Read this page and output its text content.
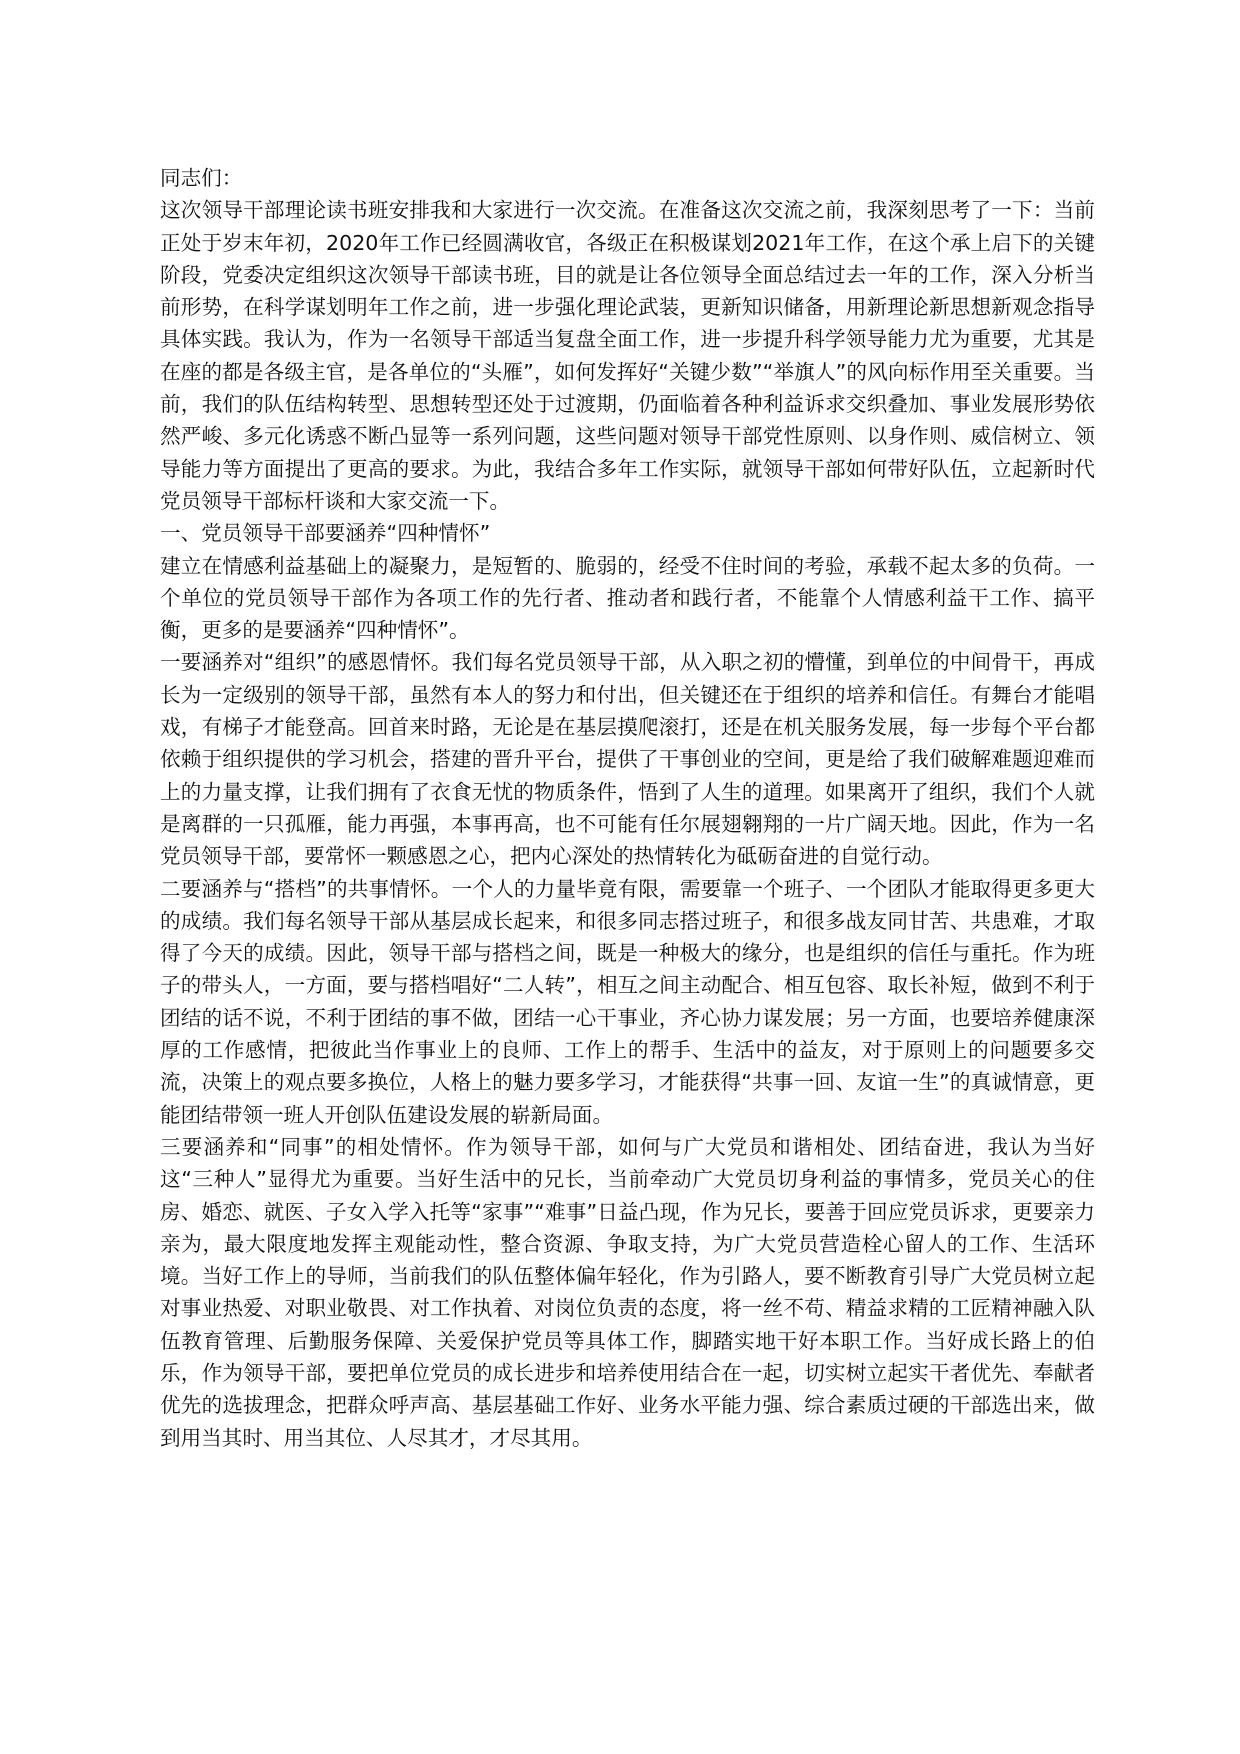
同志们：

这次领导干部理论读书班安排我和大家进行一次交流。在准备这次交流之前，我深刻思考了一下：当前正处于岁末年初，2020年工作已经圆满收官，各级正在积极谋划2021年工作，在这个承上启下的关键阶段，党委决定组织这次领导干部读书班，目的就是让各位领导全面总结过去一年的工作，深入分析当前形势，在科学谋划明年工作之前，进一步强化理论武装，更新知识储备，用新理论新思想新观念指导具体实践。我认为，作为一名领导干部适当复盘全面工作，进一步提升科学领导能力尤为重要，尤其是在座的都是各级主官，是各单位的“头雁”，如何发挥好“关键少数”“举旗人”的风向标作用至关重要。当前，我们的队伍结构转型、思想转型还处于过渡期，仍面临着各种利益诉求交织叠加、事业发展形势依然严峻、多元化诱惑不断凸显等一系列问题，这些问题对领导干部党性原则、以身作则、威信树立、领导能力等方面提出了更高的要求。为此，我结合多年工作实际，就领导干部如何带好队伍，立起新时代党员领导干部标杆谈和大家交流一下。

一、党员领导干部要涵养“四种情怀”

建立在情感利益基础上的凝聚力，是短暂的、脆弱的，经受不住时间的考验，承载不起太多的负荷。一个单位的党员领导干部作为各项工作的先行者、推动者和践行者，不能靠个人情感利益干工作、搞平衡，更多的是要涵养“四种情怀”。

一要涵养对“组织”的感恩情怀。我们每名党员领导干部，从入职之初的懵懂，到单位的中间骨干，再成长为一定级别的领导干部，虽然有本人的努力和付出，但关键还在于组织的培养和信任。有舞台才能唱戏，有梯子才能登高。回首来时路，无论是在基层摸爬滚打，还是在机关服务发展，每一步每个平台都依赖于组织提供的学习机会，搭建的晋升平台，提供了干事创业的空间，更是给了我们破解难题迎难而上的力量支撑，让我们拥有了衣食无忧的物质条件，悟到了人生的道理。如果离开了组织，我们个人就是离群的一只孤雁，能力再强，本事再高，也不可能有任尔展翅翱翔的一片广阔天地。因此，作为一名党员领导干部，要常怀一颗感恩之心，把内心深处的热情转化为砥砺奋进的自觉行动。

二要涵养与“搭档”的共事情怀。一个人的力量毕竟有限，需要靠一个班子、一个团队才能取得更多更大的成绩。我们每名领导干部从基层成长起来，和很多同志搭过班子，和很多战友同甘苦、共患难，才取得了今天的成绩。因此，领导干部与搭档之间，既是一种极大的缘分，也是组织的信任与重托。作为班子的带头人，一方面，要与搭档唱好“二人转”，相互之间主动配合、相互包容、取长补短，做到不利于团结的话不说，不利于团结的事不做，团结一心干事业，齐心协力谋发展；另一方面，也要培养健康深厚的工作感情，把彼此当作事业上的良师、工作上的帮手、生活中的益友，对于原则上的问题要多交流，决策上的观点要多换位，人格上的魅力要多学习，才能获得“共事一回、友谊一生”的真诚情意，更能团结带领一班人开创队伍建设发展的崭新局面。

三要涵养和“同事”的相处情怀。作为领导干部，如何与广大党员和谐相处、团结奋进，我认为当好这“三种人”显得尤为重要。当好生活中的兄长，当前牵动广大党员切身利益的事情多，党员关心的住房、婚恋、就医、子女入学入托等“家事”“难事”日益凸现，作为兄长，要善于回应党员诉求，更要亲力亲为，最大限度地发挥主观能动性，整合资源、争取支持，为广大党员营造栓心留人的工作、生活环境。当好工作上的导师，当前我们的队伍整体偏年轻化，作为引路人，要不断教育引导广大党员树立起对事业热爱、对职业敬畏、对工作执着、对岗位负责的态度，将一丝不苟、精益求精的工匠精神融入队伍教育管理、后勤服务保障、关爱保护党员等具体工作，脚踏实地干好本职工作。当好成长路上的伯乐，作为领导干部，要把单位党员的成长进步和培养使用结合在一起，切实树立起实干者优先、奉献者优先的选拔理念，把群众呼声高、基层基础工作好、业务水平能力强、综合素质过硬的干部选出来，做到用当其时、用当其位、人尽其才，才尽其用。
